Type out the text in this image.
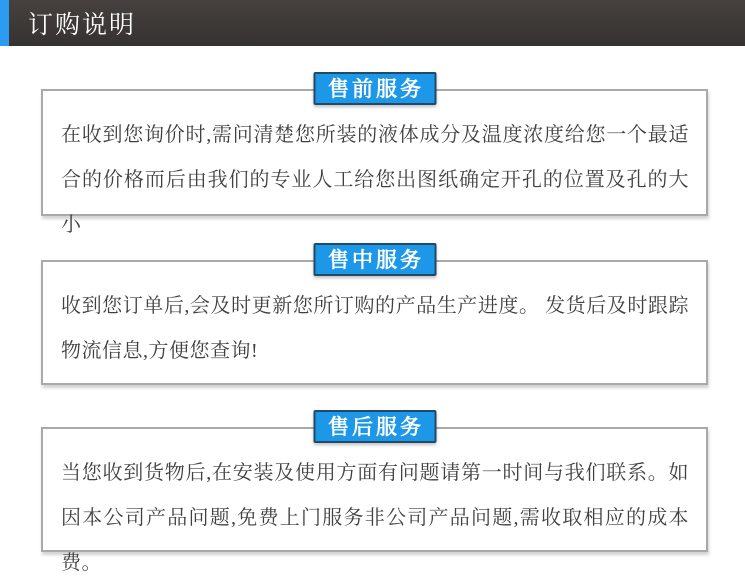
订购说明
售前服务
在收到您询价时,需问清楚您所装的液体成分及温度浓度给您一个最适合的价格而后由我们的专业人工给您出图纸确定开孔的位置及孔的大小
售中服务
收到您订单后,会及时更新您所订购的产品生产进度。 发货后及时跟踪物流信息,方便您查询!
售后服务
当您收到货物后,在安装及使用方面有问题请第一时间与我们联系。如因本公司产品问题,免费上门服务非公司产品问题,需收取相应的成本费。
